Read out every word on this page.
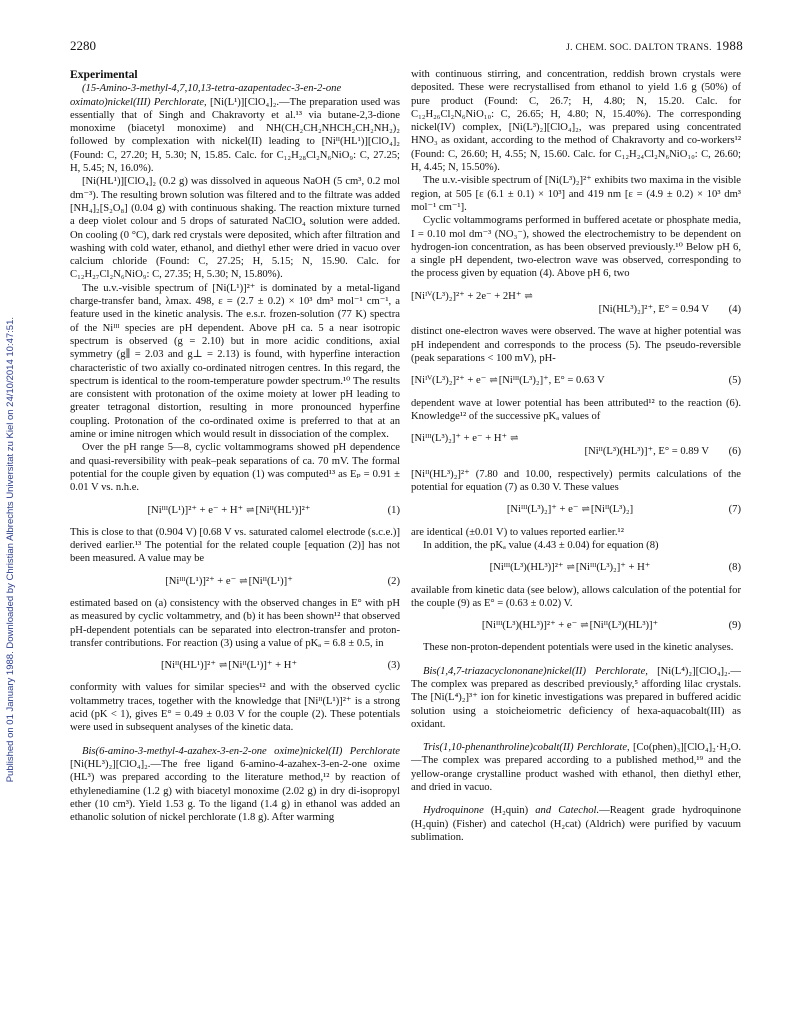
Published on 01 January 1988. Downloaded by Christian Albrechts Universitat zu Kiel on 24/10/2014 10:47:51.
2280	J. CHEM. SOC. DALTON TRANS. 1988
Experimental

(15-Amino-3-methyl-4,7,10,13-tetra-azapentadec-3-en-2-one oximato)nickel(III) Perchlorate, [Ni(L¹)][ClO₄]₂.—The preparation used was essentially that of Singh and Chakravorty et al.¹³ via butane-2,3-dione monoxime (biacetyl monoxime) and NH(CH₂CH₂NHCH₂CH₂NH₂)₂ followed by complexation with nickel(II) leading to [Niᴵᴵ(HL¹)][ClO₄]₂ (Found: C, 27.20; H, 5.30; N, 15.85. Calc. for C₁₂H₂₈Cl₂N₆NiO₉: C, 27.25; H, 5.45; N, 16.0%).

[Ni(HL¹)][ClO₄]₂ (0.2 g) was dissolved in aqueous NaOH (5 cm³, 0.2 mol dm⁻³). The resulting brown solution was filtered and to the filtrate was added [NH₄]₂[S₂O₈] (0.04 g) with continuous shaking. The reaction mixture turned a deep violet colour and 5 drops of saturated NaClO₄ solution were added. On cooling (0 °C), dark red crystals were deposited, which after filtration and washing with cold water, ethanol, and diethyl ether were dried in vacuo over calcium chloride (Found: C, 27.25; H, 5.15; N, 15.90. Calc. for C₁₂H₂₇Cl₂N₆NiO₉: C, 27.35; H, 5.30; N, 15.80%).

The u.v.-visible spectrum of [Ni(L¹)]²⁺ is dominated by a metal-ligand charge-transfer band, λmax. 498, ε = (2.7 ± 0.2) × 10³ dm³ mol⁻¹ cm⁻¹, a feature used in the kinetic analysis. The e.s.r. frozen-solution (77 K) spectra of the Niᴵᴵᴵ species are pH dependent. Above pH ca. 5 a near isotropic spectrum is observed (g = 2.10) but in more acidic conditions, axial symmetry (g∥ = 2.03 and g⊥ = 2.13) is found, with hyperfine interaction characteristic of two axially co-ordinated nitrogen centres. In this regard, the spectrum is identical to the room-temperature powder spectrum.¹⁰ The results are consistent with protonation of the oxime moiety at lower pH leading to greater tetragonal distortion, resulting in more pronounced hyperfine coupling. Protonation of the co-ordinated oxime is preferred to that at an amine or imine nitrogen which would result in dissociation of the complex.

Over the pH range 5—8, cyclic voltammograms showed pH dependence and quasi-reversibility with peak–peak separations of ca. 70 mV. The formal potential for the couple given by equation (1) was computed¹³ as Eₚ = 0.91 ± 0.01 V vs. n.h.e.

[Niᴵᴵᴵ(L¹)]²⁺ + e⁻ + H⁺ ⇌ [Niᴵᴵ(HL¹)]²⁺	(1)

This is close to that (0.904 V) [0.68 V vs. saturated calomel electrode (s.c.e.)] derived earlier.¹³ The potential for the related couple [equation (2)] has not been measured. A value may be

[Niᴵᴵᴵ(L¹)]²⁺ + e⁻ ⇌ [Niᴵᴵ(L¹)]⁺	(2)

estimated based on (a) consistency with the observed changes in E° with pH as measured by cyclic voltammetry, and (b) it has been shown¹² that observed pH-dependent potentials can be separated into electron-transfer and proton-transfer contributions. For reaction (3) using a value of pKₐ = 6.8 ± 0.5, in

[Niᴵᴵ(HL¹)]²⁺ ⇌ [Niᴵᴵ(L¹)]⁺ + H⁺	(3)

conformity with values for similar species¹² and with the observed cyclic voltammetry traces, together with the knowledge that [Niᴵᴵ(L¹)]²⁺ is a strong acid (pK < 1), gives E° = 0.49 ± 0.03 V for the couple (2). These potentials were used in subsequent analyses of the kinetic data.

Bis(6-amino-3-methyl-4-azahex-3-en-2-one oxime)nickel(II) Perchlorate [Ni(HL³)₂][ClO₄]₂.—The free ligand 6-amino-4-azahex-3-en-2-one oxime (HL³) was prepared according to the literature method,¹² by reaction of ethylenediamine (1.2 g) with biacetyl monoxime (2.02 g) in dry di-isopropyl ether (10 cm³). Yield 1.53 g. To the ligand (1.4 g) in ethanol was added an ethanolic solution of nickel perchlorate (1.8 g). After warming

with continuous stirring, and concentration, reddish brown crystals were deposited. These were recrystallised from ethanol to yield 1.6 g (50%) of pure product (Found: C, 26.7; H, 4.80; N, 15.20. Calc. for C₁₂H₂₆Cl₂N₆NiO₁₀: C, 26.65; H, 4.80; N, 15.40%). The corresponding nickel(IV) complex, [Ni(L³)₂][ClO₄]₂, was prepared using concentrated HNO₃ as oxidant, according to the method of Chakravorty and co-workers¹² (Found: C, 26.60; H, 4.55; N, 15.60. Calc. for C₁₂H₂₄Cl₂N₆NiO₁₀: C, 26.60; H, 4.45; N, 15.50%).

The u.v.-visible spectrum of [Ni(L³)₂]²⁺ exhibits two maxima in the visible region, at 505 [ε (6.1 ± 0.1) × 10³] and 419 nm [ε = (4.9 ± 0.2) × 10³ dm³ mol⁻¹ cm⁻¹].

Cyclic voltammograms performed in buffered acetate or phosphate media, I = 0.10 mol dm⁻³ (NO₃⁻), showed the electrochemistry to be dependent on hydrogen-ion concentration, as has been observed previously.¹⁰ Below pH 6, a single pH dependent, two-electron wave was observed, corresponding to the process given by equation (4). Above pH 6, two

[Niᴵⱽ(L³)₂]²⁺ + 2e⁻ + 2H⁺ ⇌
[Ni(HL³)₂]²⁺, E° = 0.94 V	(4)

distinct one-electron waves were observed. The wave at higher potential was pH independent and corresponds to the process (5). The pseudo-reversible (peak separations < 100 mV), pH-

[Niᴵⱽ(L³)₂]²⁺ + e⁻ ⇌ [Niᴵᴵᴵ(L³)₂]⁺, E° = 0.63 V	(5)

dependent wave at lower potential has been attributed¹² to the reaction (6). Knowledge¹² of the successive pKₐ values of

[Niᴵᴵᴵ(L³)₂]⁺ + e⁻ + H⁺ ⇌
[Niᴵᴵ(L³)(HL³)]⁺, E° = 0.89 V	(6)

[Niᴵᴵ(HL³)₂]²⁺ (7.80 and 10.00, respectively) permits calculations of the potential for equation (7) as 0.30 V. These values

[Niᴵᴵᴵ(L³)₂]⁺ + e⁻ ⇌ [Niᴵᴵ(L³)₂]	(7)

are identical (±0.01 V) to values reported earlier.¹²

In addition, the pKₐ value (4.43 ± 0.04) for equation (8)

[Niᴵᴵᴵ(L³)(HL³)]²⁺ ⇌ [Niᴵᴵᴵ(L³)₂]⁺ + H⁺	(8)

available from kinetic data (see below), allows calculation of the potential for the couple (9) as E° = (0.63 ± 0.02) V.

[Niᴵᴵᴵ(L³)(HL³)]²⁺ + e⁻ ⇌ [Niᴵᴵ(L³)(HL³)]⁺	(9)

These non-proton-dependent potentials were used in the kinetic analyses.

Bis(1,4,7-triazacyclononane)nickel(II) Perchlorate, [Ni(L⁴)₂][ClO₄]₂.—The complex was prepared as described previously,⁵ affording lilac crystals. The [Ni(L⁴)₂]³⁺ ion for kinetic investigations was prepared in buffered acidic solution using a stoicheiometric deficiency of hexa-aquacobalt(III) as oxidant.

Tris(1,10-phenanthroline)cobalt(II) Perchlorate, [Co(phen)₃][ClO₄]₂·H₂O.—The complex was prepared according to a published method,¹⁹ and the yellow-orange crystalline product washed with ethanol, then diethyl ether, and dried in vacuo.

Hydroquinone (H₂quin) and Catechol.—Reagent grade hydroquinone (H₂quin) (Fisher) and catechol (H₂cat) (Aldrich) were purified by vacuum sublimation.
